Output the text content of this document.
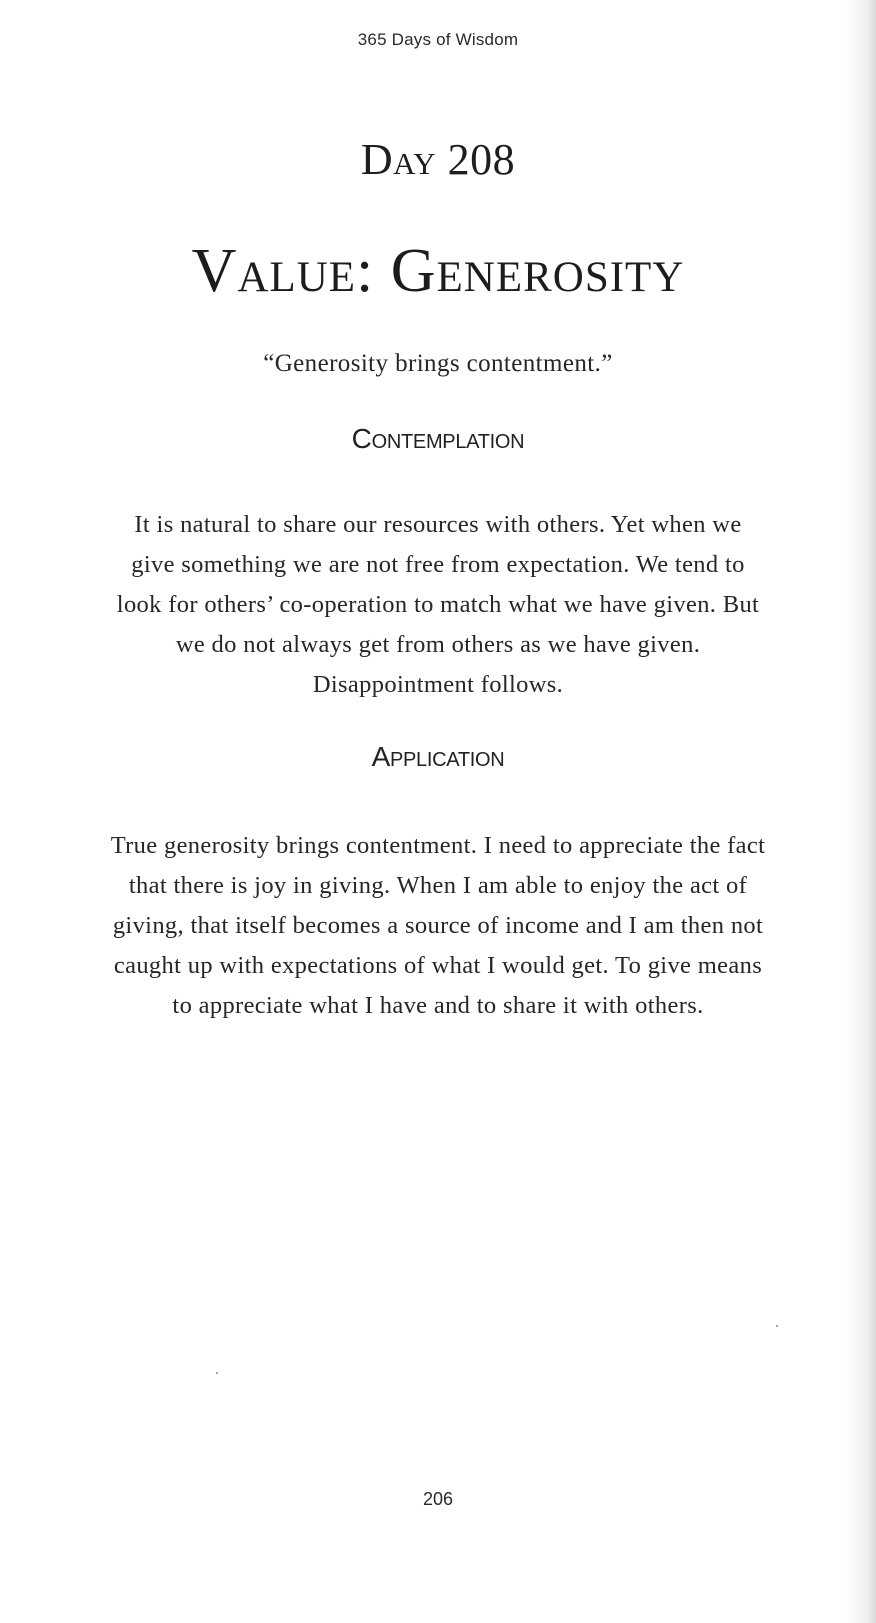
365 Days of Wisdom
Day 208
Value: Generosity
“Generosity brings contentment.”
Contemplation
It is natural to share our resources with others. Yet when we
give something we are not free from expectation. We tend to
look for others’ co-operation to match what we have given. But
we do not always get from others as we have given.
Disappointment follows.
Application
True generosity brings contentment. I need to appreciate the fact
that there is joy in giving. When I am able to enjoy the act of
giving, that itself becomes a source of income and I am then not
caught up with expectations of what I would get. To give means
to appreciate what I have and to share it with others.
206
